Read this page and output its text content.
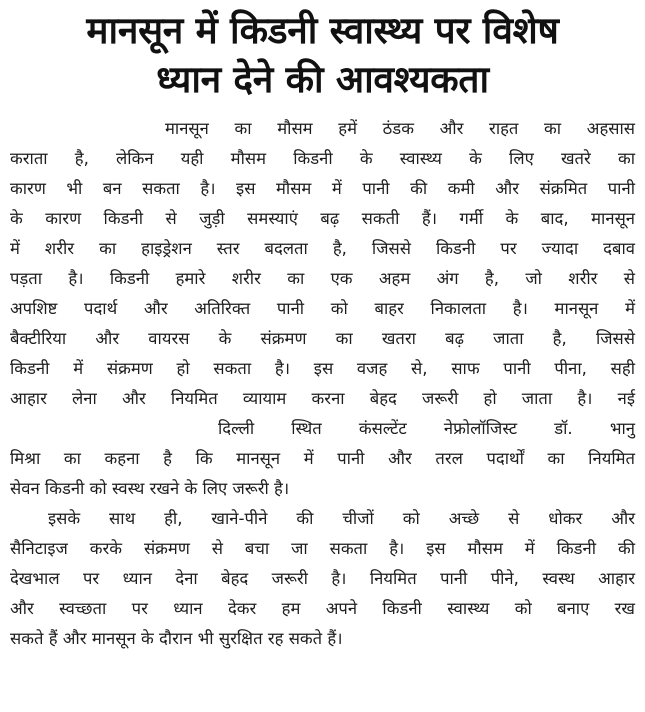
मानसून में किडनी स्वास्थ्य पर विशेष
ध्यान देने की आवश्यकता
मानसून का मौसम हमें ठंडक और राहत का अहसास
कराता है, लेकिन यही मौसम किडनी के स्वास्थ्य के लिए खतरे का
कारण भी बन सकता है। इस मौसम में पानी की कमी और संक्रमित पानी
के कारण किडनी से जुड़ी समस्याएं बढ़ सकती हैं। गर्मी के बाद, मानसून
में शरीर का हाइड्रेशन स्तर बदलता है, जिससे किडनी पर ज्यादा दबाव
पड़ता है। किडनी हमारे शरीर का एक अहम अंग है, जो शरीर से
अपशिष्ट पदार्थ और अतिरिक्त पानी को बाहर निकालता है। मानसून में
बैक्टीरिया और वायरस के संक्रमण का खतरा बढ़ जाता है, जिससे
किडनी में संक्रमण हो सकता है। इस वजह से, साफ पानी पीना, सही
आहार लेना और नियमित व्यायाम करना बेहद जरूरी हो जाता है। नई
दिल्ली स्थित कंसल्टेंट नेफ्रोलॉजिस्ट डॉ. भानु
मिश्रा का कहना है कि मानसून में पानी और तरल पदार्थों का नियमित
सेवन किडनी को स्वस्थ रखने के लिए जरूरी है।
इसके साथ ही, खाने-पीने की चीजों को अच्छे से धोकर और
सैनिटाइज करके संक्रमण से बचा जा सकता है। इस मौसम में किडनी की
देखभाल पर ध्यान देना बेहद जरूरी है। नियमित पानी पीने, स्वस्थ आहार
और स्वच्छता पर ध्यान देकर हम अपने किडनी स्वास्थ्य को बनाए रख
सकते हैं और मानसून के दौरान भी सुरक्षित रह सकते हैं।
